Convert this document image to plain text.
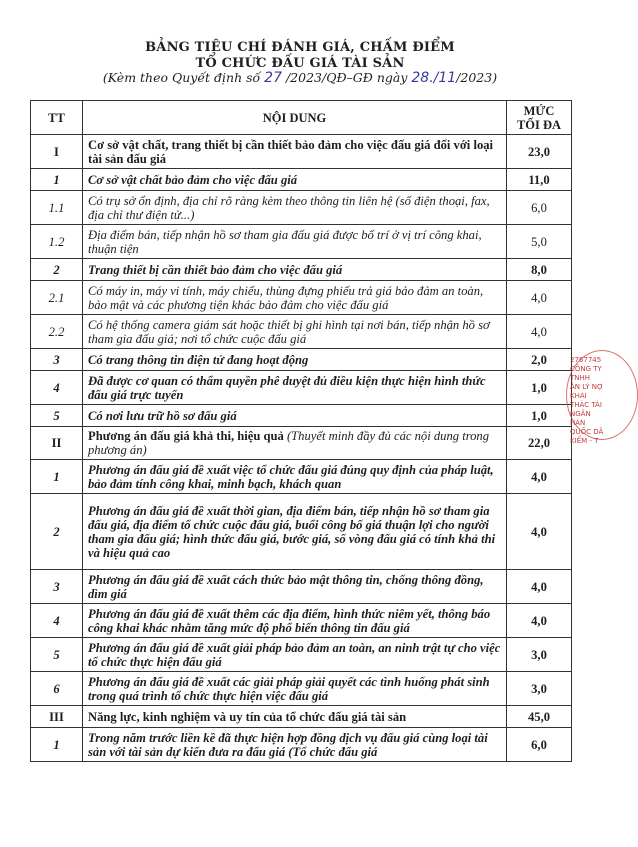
BẢNG TIÊU CHÍ ĐÁNH GIÁ, CHẤM ĐIỂM
TỔ CHỨC ĐẤU GIÁ TÀI SẢN
(Kèm theo Quyết định số 27 /2023/QĐ–GĐ ngày 28./11/2023)
TT	NỘI DUNG	MỨC TỐI ĐA
I	Cơ sở vật chất, trang thiết bị cần thiết bảo đảm cho việc đấu giá đối với loại tài sản đấu giá	23,0
1	Cơ sở vật chất bảo đảm cho việc đấu giá	11,0
1.1	Có trụ sở ổn định, địa chỉ rõ ràng kèm theo thông tin liên hệ (số điện thoại, fax, địa chỉ thư điện tử...)	6,0
1.2	Địa điểm bán, tiếp nhận hồ sơ tham gia đấu giá được bố trí ở vị trí công khai, thuận tiện	5,0
2	Trang thiết bị cần thiết bảo đảm cho việc đấu giá	8,0
2.1	Có máy in, máy vi tính, máy chiếu, thùng đựng phiếu trả giá bảo đảm an toàn, bảo mật và các phương tiện khác bảo đảm cho việc đấu giá	4,0
2.2	Có hệ thống camera giám sát hoặc thiết bị ghi hình tại nơi bán, tiếp nhận hồ sơ tham gia đấu giá; nơi tổ chức cuộc đấu giá	4,0
3	Có trang thông tin điện tử đang hoạt động	2,0
4	Đã được cơ quan có thẩm quyền phê duyệt đủ điều kiện thực hiện hình thức đấu giá trực tuyến	1,0
5	Có nơi lưu trữ hồ sơ đấu giá	1,0
II	Phương án đấu giá khả thi, hiệu quả (Thuyết minh đầy đủ các nội dung trong phương án)	22,0
1	Phương án đấu giá đề xuất việc tổ chức đấu giá đúng quy định của pháp luật, bảo đảm tính công khai, minh bạch, khách quan	4,0
2	Phương án đấu giá đề xuất thời gian, địa điểm bán, tiếp nhận hồ sơ tham gia đấu giá, địa điểm tổ chức cuộc đấu giá, buổi công bố giá thuận lợi cho người tham gia đấu giá; hình thức đấu giá, bước giá, số vòng đấu giá có tính khả thi và hiệu quả cao	4,0
3	Phương án đấu giá đề xuất cách thức bảo mật thông tin, chống thông đồng, dìm giá	4,0
4	Phương án đấu giá đề xuất thêm các địa điểm, hình thức niêm yết, thông báo công khai khác nhằm tăng mức độ phổ biến thông tin đấu giá	4,0
5	Phương án đấu giá đề xuất giải pháp bảo đảm an toàn, an ninh trật tự cho việc tổ chức thực hiện đấu giá	3,0
6	Phương án đấu giá đề xuất các giải pháp giải quyết các tình huống phát sinh trong quá trình tổ chức thực hiện việc đấu giá	3,0
III	Năng lực, kinh nghiệm và uy tín của tổ chức đấu giá tài sản	45,0
1	Trong năm trước liền kề đã thực hiện hợp đồng dịch vụ đấu giá cùng loại tài sản với tài sản dự kiến đưa ra đấu giá (Tổ chức đấu giá	6,0
2767745
CÔNG TY
TNHH
ẢN LÝ NỢ
KHAI THÁC TÀI
NGÂN HÀN
QUỐC DÂ
KIỂM - T
